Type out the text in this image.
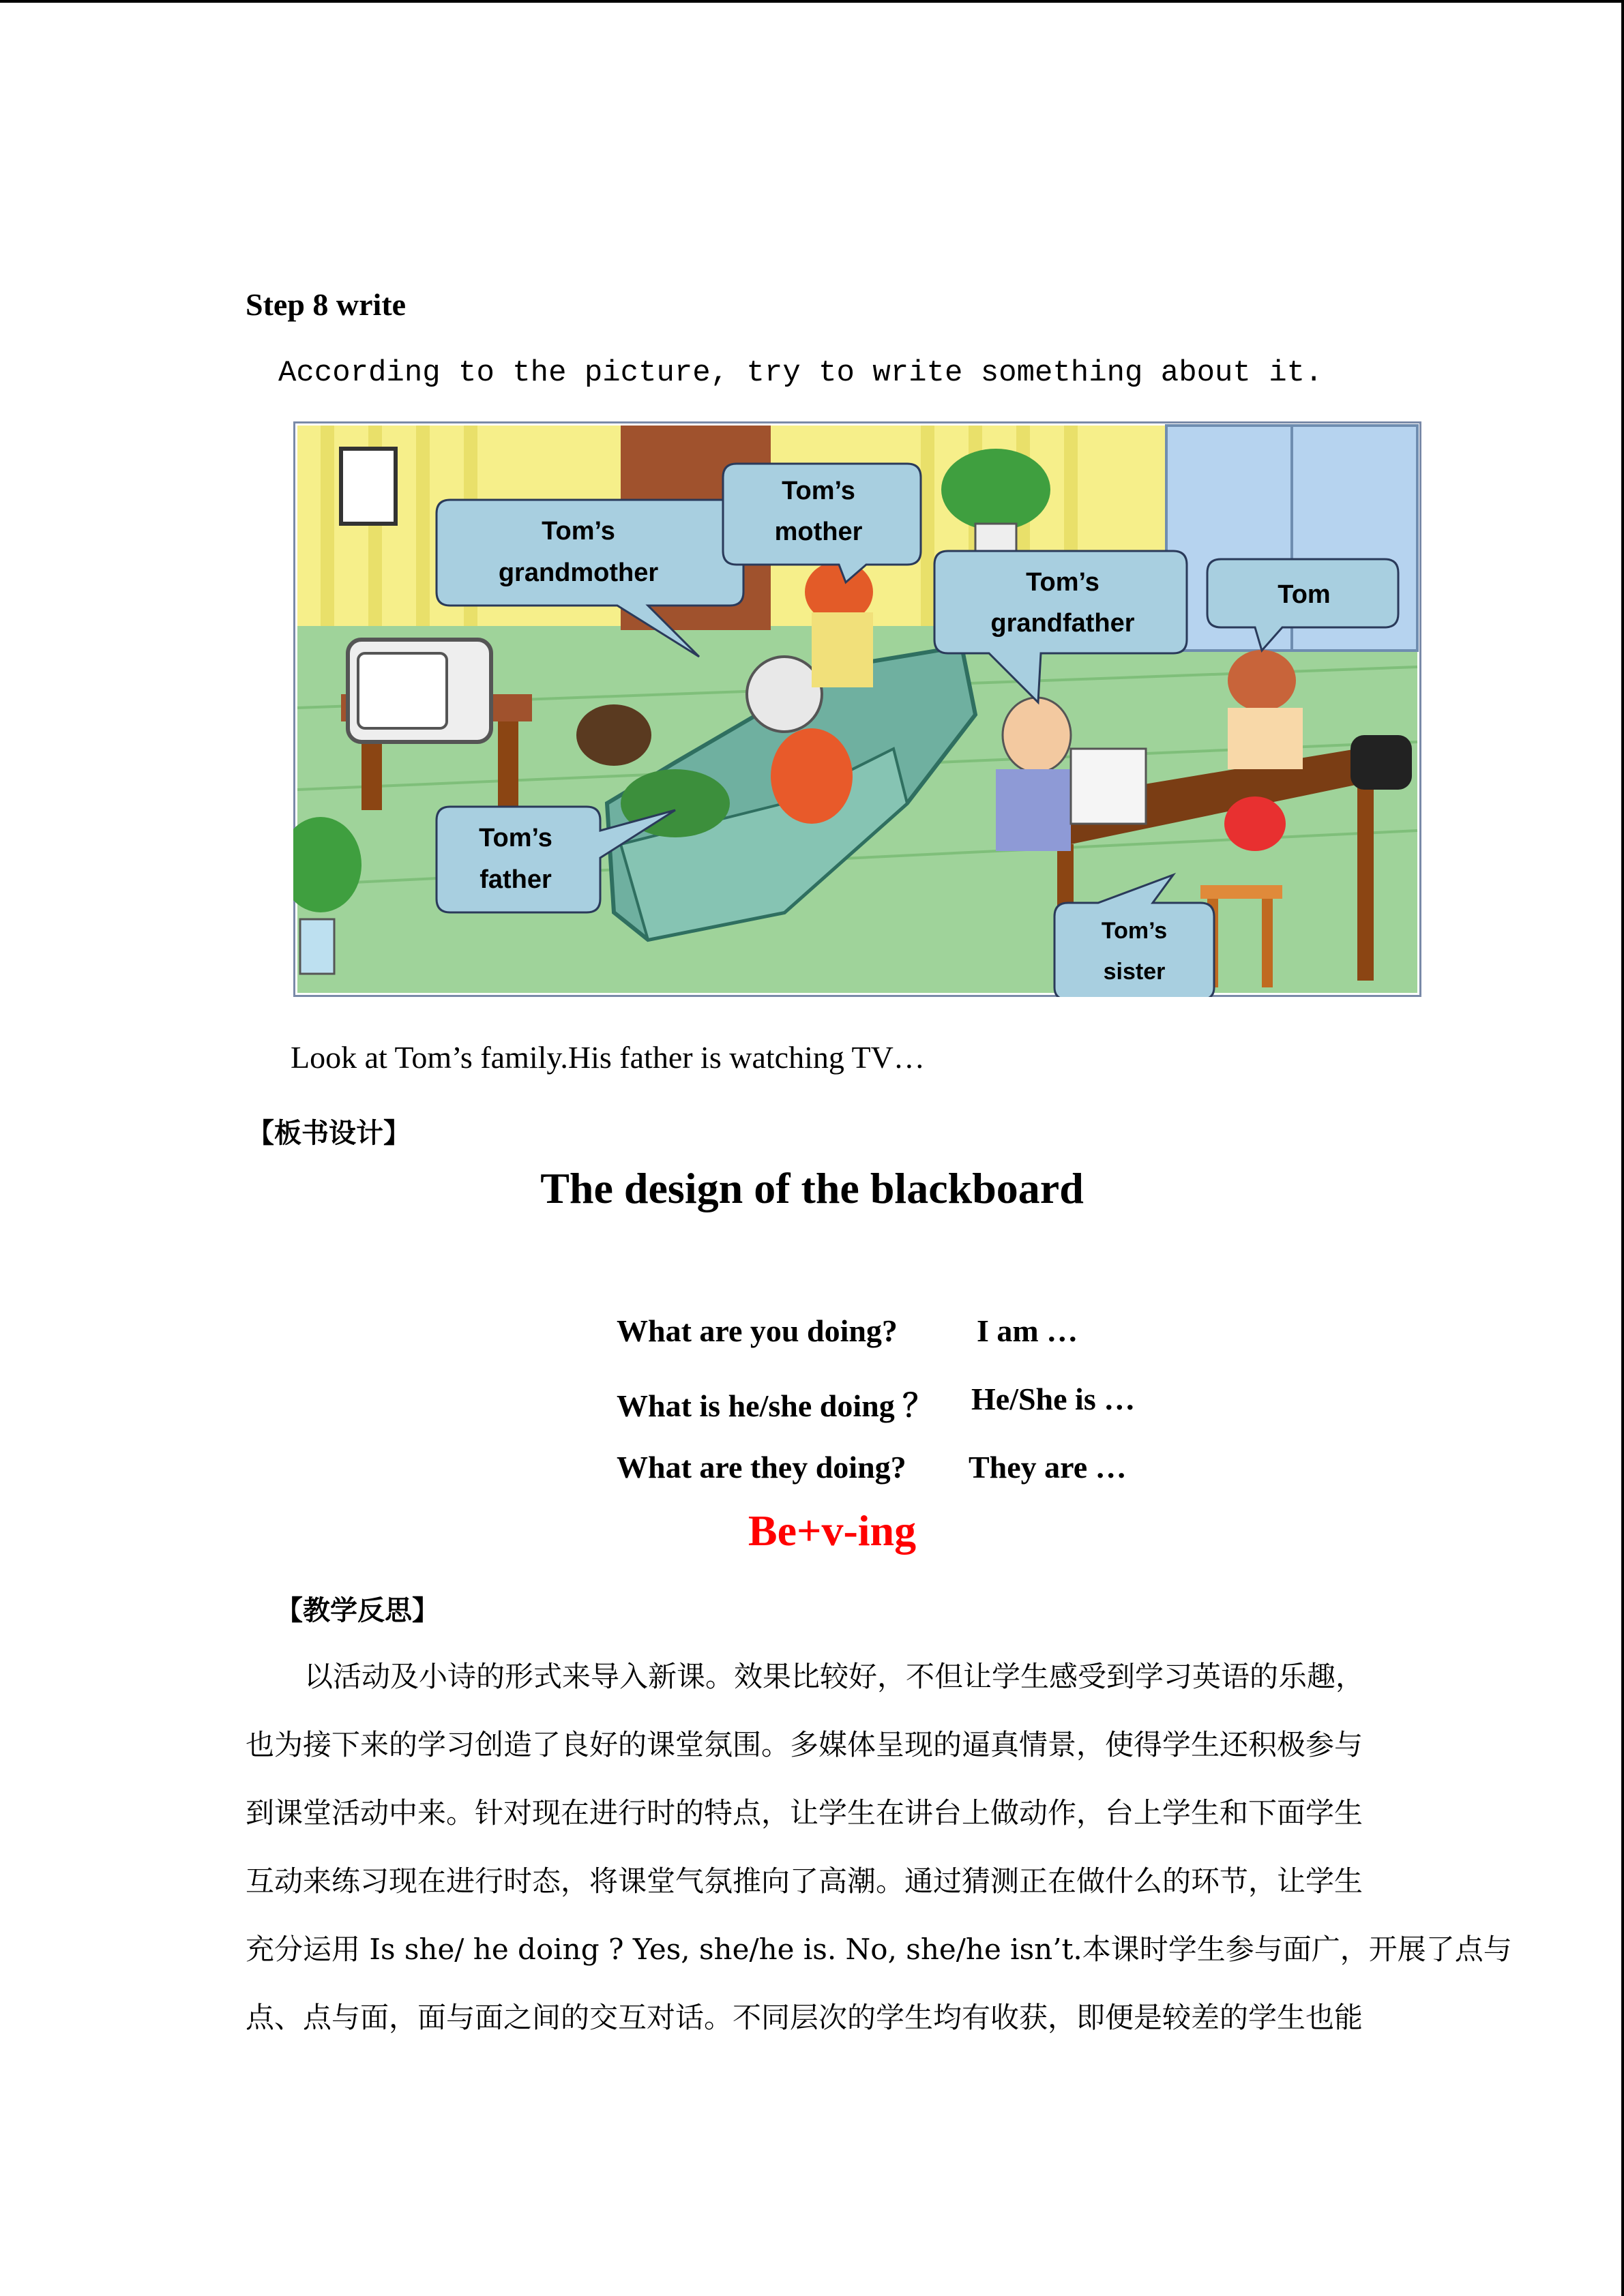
Step 8 write
According to the picture, try to write something about it.
Tom’s
grandmother
Tom’s
mother
Tom’s
grandfather
Tom
Tom’s
father
Tom’s
sister
Look at Tom’s family.His father is watching TV…
【板书设计】
The design of the blackboard
What are you doing?	I am …
What is he/she doing ？ He/She is …
What are they doing? They are …
Be+v-ing
【教学反思】
以活动及小诗的形式来导入新课。效果比较好，不但让学生感受到学习英语的乐趣，
也为接下来的学习创造了良好的课堂氛围。多媒体呈现的逼真情景，使得学生还积极参与
到课堂活动中来。针对现在进行时的特点，让学生在讲台上做动作，台上学生和下面学生
互动来练习现在进行时态，将课堂气氛推向了高潮。通过猜测正在做什么的环节，让学生
充分运用 Is she/ he doing ? Yes, she/he is. No, she/he isn’t.本课时学生参与面广，开展了点与
点、点与面，面与面之间的交互对话。不同层次的学生均有收获，即便是较差的学生也能
